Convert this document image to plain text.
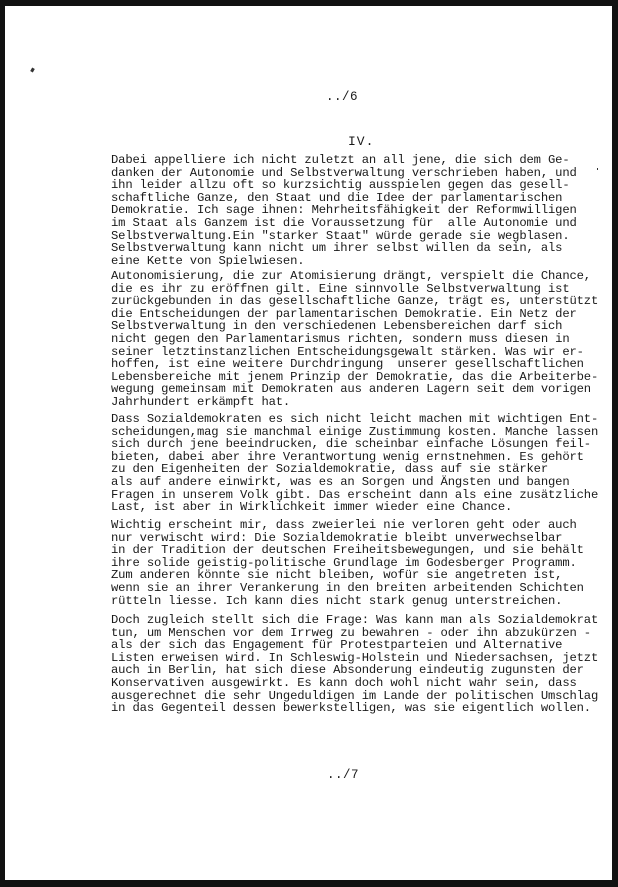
../6
IV.
Dabei appelliere ich nicht zuletzt an all jene, die sich dem Ge-
danken der Autonomie und Selbstverwaltung verschrieben haben, und
ihn leider allzu oft so kurzsichtig ausspielen gegen das gesell-
schaftliche Ganze, den Staat und die Idee der parlamentarischen
Demokratie. Ich sage ihnen: Mehrheitsfähigkeit der Reformwilligen
im Staat als Ganzem ist die Voraussetzung für  alle Autonomie und
Selbstverwaltung.Ein "starker Staat" würde gerade sie wegblasen.
Selbstverwaltung kann nicht um ihrer selbst willen da sein, als
eine Kette von Spielwiesen.
Autonomisierung, die zur Atomisierung drängt, verspielt die Chance,
die es ihr zu eröffnen gilt. Eine sinnvolle Selbstverwaltung ist
zurückgebunden in das gesellschaftliche Ganze, trägt es, unterstützt
die Entscheidungen der parlamentarischen Demokratie. Ein Netz der
Selbstverwaltung in den verschiedenen Lebensbereichen darf sich
nicht gegen den Parlamentarismus richten, sondern muss diesen in
seiner letztinstanzlichen Entscheidungsgewalt stärken. Was wir er-
hoffen, ist eine weitere Durchdringung  unserer gesellschaftlichen
Lebensbereiche mit jenem Prinzip der Demokratie, das die Arbeiterbe-
wegung gemeinsam mit Demokraten aus anderen Lagern seit dem vorigen
Jahrhundert erkämpft hat.
Dass Sozialdemokraten es sich nicht leicht machen mit wichtigen Ent-
scheidungen,mag sie manchmal einige Zustimmung kosten. Manche lassen
sich durch jene beeindrucken, die scheinbar einfache Lösungen feil-
bieten, dabei aber ihre Verantwortung wenig ernstnehmen. Es gehört
zu den Eigenheiten der Sozialdemokratie, dass auf sie stärker
als auf andere einwirkt, was es an Sorgen und Ängsten und bangen
Fragen in unserem Volk gibt. Das erscheint dann als eine zusätzliche
Last, ist aber in Wirklichkeit immer wieder eine Chance.
Wichtig erscheint mir, dass zweierlei nie verloren geht oder auch
nur verwischt wird: Die Sozialdemokratie bleibt unverwechselbar
in der Tradition der deutschen Freiheitsbewegungen, und sie behält
ihre solide geistig-politische Grundlage im Godesberger Programm.
Zum anderen könnte sie nicht bleiben, wofür sie angetreten ist,
wenn sie an ihrer Verankerung in den breiten arbeitenden Schichten
rütteln liesse. Ich kann dies nicht stark genug unterstreichen.
Doch zugleich stellt sich die Frage: Was kann man als Sozialdemokrat
tun, um Menschen vor dem Irrweg zu bewahren - oder ihn abzukürzen -
als der sich das Engagement für Protestparteien und Alternative
Listen erweisen wird. In Schleswig-Holstein und Niedersachsen, jetzt
auch in Berlin, hat sich diese Absonderung eindeutig zugunsten der
Konservativen ausgewirkt. Es kann doch wohl nicht wahr sein, dass
ausgerechnet die sehr Ungeduldigen im Lande der politischen Umschlag
in das Gegenteil dessen bewerkstelligen, was sie eigentlich wollen.
../7
